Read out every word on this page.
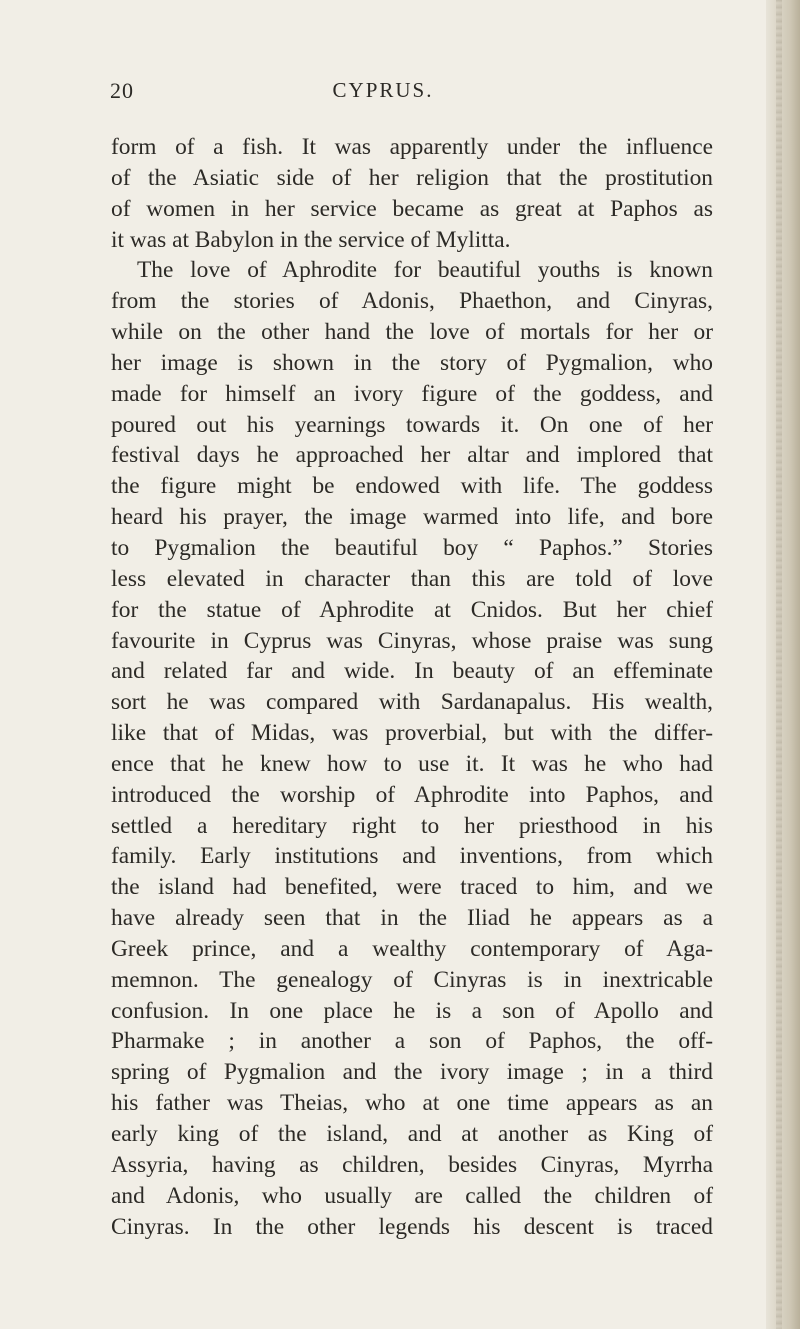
20	CYPRUS.
form of a fish. It was apparently under the influence
of the Asiatic side of her religion that the prostitution
of women in her service became as great at Paphos as
it was at Babylon in the service of Mylitta.
The love of Aphrodite for beautiful youths is known
from the stories of Adonis, Phaethon, and Cinyras,
while on the other hand the love of mortals for her or
her image is shown in the story of Pygmalion, who
made for himself an ivory figure of the goddess, and
poured out his yearnings towards it. On one of her
festival days he approached her altar and implored that
the figure might be endowed with life. The goddess
heard his prayer, the image warmed into life, and bore
to Pygmalion the beautiful boy “ Paphos.” Stories
less elevated in character than this are told of love
for the statue of Aphrodite at Cnidos. But her chief
favourite in Cyprus was Cinyras, whose praise was sung
and related far and wide. In beauty of an effeminate
sort he was compared with Sardanapalus. His wealth,
like that of Midas, was proverbial, but with the differ-
ence that he knew how to use it. It was he who had
introduced the worship of Aphrodite into Paphos, and
settled a hereditary right to her priesthood in his
family. Early institutions and inventions, from which
the island had benefited, were traced to him, and we
have already seen that in the Iliad he appears as a
Greek prince, and a wealthy contemporary of Aga-
memnon. The genealogy of Cinyras is in inextricable
confusion. In one place he is a son of Apollo and
Pharmake ; in another a son of Paphos, the off-
spring of Pygmalion and the ivory image ; in a third
his father was Theias, who at one time appears as an
early king of the island, and at another as King of
Assyria, having as children, besides Cinyras, Myrrha
and Adonis, who usually are called the children of
Cinyras. In the other legends his descent is traced
